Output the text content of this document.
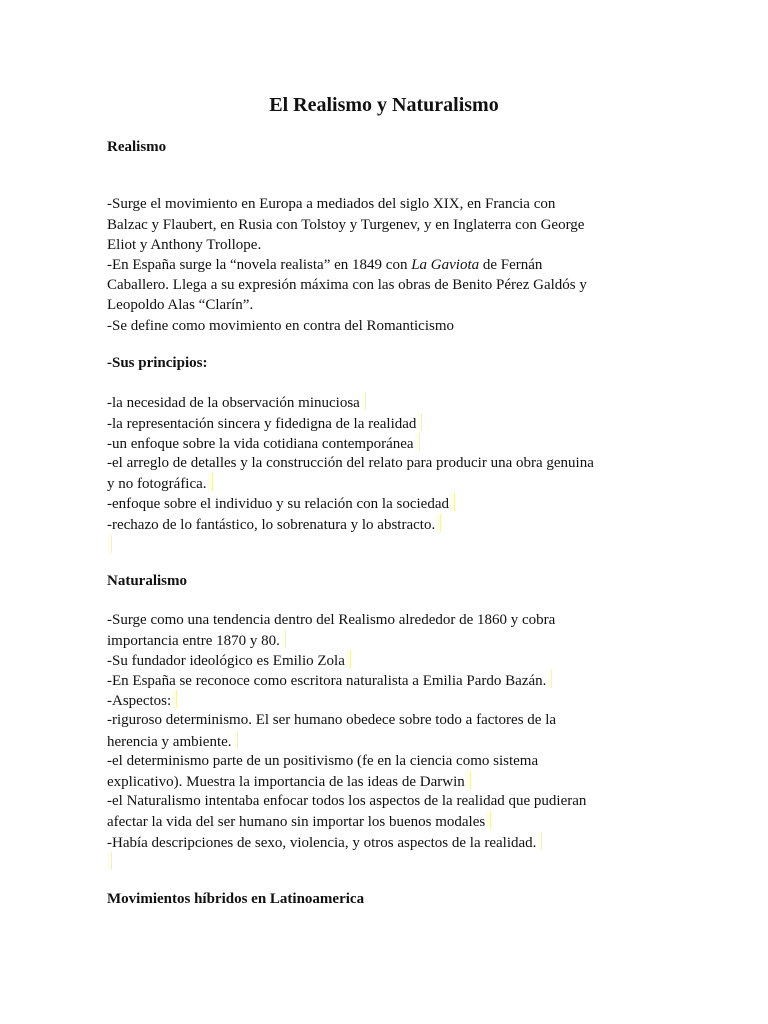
El Realismo y Naturalismo
Realismo
-Surge el movimiento en Europa a mediados del siglo XIX, en Francia con
Balzac y Flaubert, en Rusia con Tolstoy y Turgenev, y en Inglaterra con George
Eliot y Anthony Trollope.
-En España surge la “novela realista” en 1849 con La Gaviota de Fernán
Caballero. Llega a su expresión máxima con las obras de Benito Pérez Galdós y
Leopoldo Alas “Clarín”.
-Se define como movimiento en contra del Romanticismo
-Sus principios:
-la necesidad de la observación minuciosa
-la representación sincera y fidedigna de la realidad
-un enfoque sobre la vida cotidiana contemporánea
-el arreglo de detalles y la construcción del relato para producir una obra genuina
y no fotográfica.
-enfoque sobre el individuo y su relación con la sociedad
-rechazo de lo fantástico, lo sobrenatura y lo abstracto.
Naturalismo
-Surge como una tendencia dentro del Realismo alrededor de 1860 y cobra
importancia entre 1870 y 80.
-Su fundador ideológico es Emilio Zola
-En España se reconoce como escritora naturalista a Emilia Pardo Bazán.
-Aspectos:
-riguroso determinismo. El ser humano obedece sobre todo a factores de la
herencia y ambiente.
-el determinismo parte de un positivismo (fe en la ciencia como sistema
explicativo). Muestra la importancia de las ideas de Darwin
-el Naturalismo intentaba enfocar todos los aspectos de la realidad que pudieran
afectar la vida del ser humano sin importar los buenos modales
-Había descripciones de sexo, violencia, y otros aspectos de la realidad.
Movimientos híbridos en Latinoamerica
